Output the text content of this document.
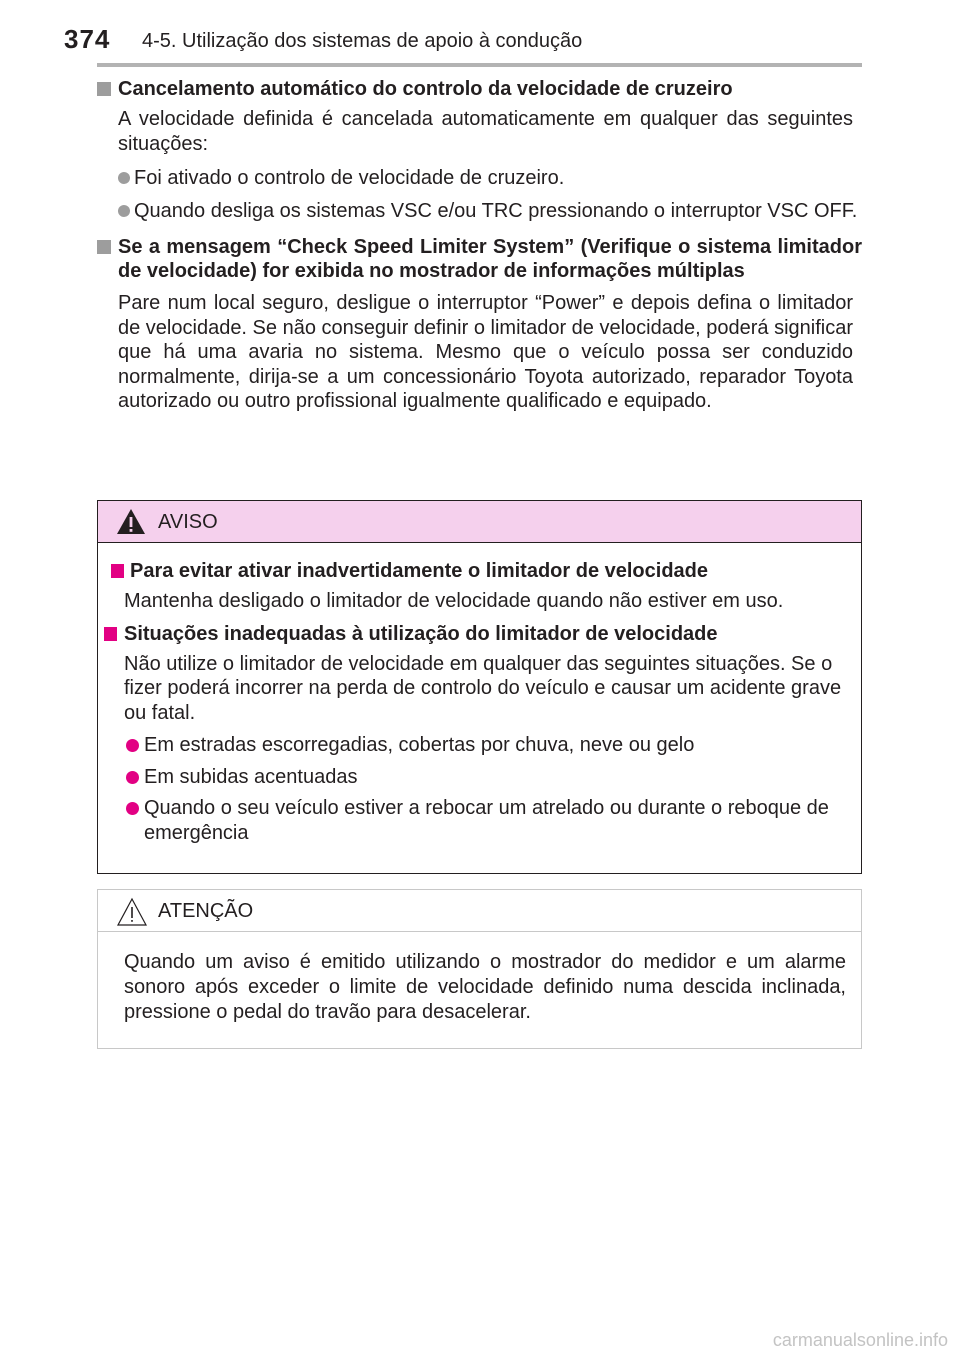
374 4-5. Utilização dos sistemas de apoio à condução
Cancelamento automático do controlo da velocidade de cruzeiro

A velocidade definida é cancelada automaticamente em qualquer das seguintes situações:

Foi ativado o controlo de velocidade de cruzeiro.
Quando desliga os sistemas VSC e/ou TRC pressionando o interruptor VSC OFF.
Se a mensagem “Check Speed Limiter System” (Verifique o sistema limitador de velocidade) for exibida no mostrador de informações múltiplas

Pare num local seguro, desligue o interruptor “Power” e depois defina o limitador de velocidade. Se não conseguir definir o limitador de velocidade, poderá significar que há uma avaria no sistema. Mesmo que o veículo possa ser conduzido normalmente, dirija-se a um concessionário Toyota autorizado, reparador Toyota autorizado ou outro profissional igualmente qualificado e equipado.

AVISO
Para evitar ativar inadvertidamente o limitador de velocidade

Mantenha desligado o limitador de velocidade quando não estiver em uso.

Situações inadequadas à utilização do limitador de velocidade

Não utilize o limitador de velocidade em qualquer das seguintes situações. Se o fizer poderá incorrer na perda de controlo do veículo e causar um acidente grave ou fatal.

Em estradas escorregadias, cobertas por chuva, neve ou gelo
Em subidas acentuadas
Quando o seu veículo estiver a rebocar um atrelado ou durante o reboque de emergência
ATENÇÃO

Quando um aviso é emitido utilizando o mostrador do medidor e um alarme sonoro após exceder o limite de velocidade definido numa descida inclinada, pressione o pedal do travão para desacelerar.

carmanualsonline.info
